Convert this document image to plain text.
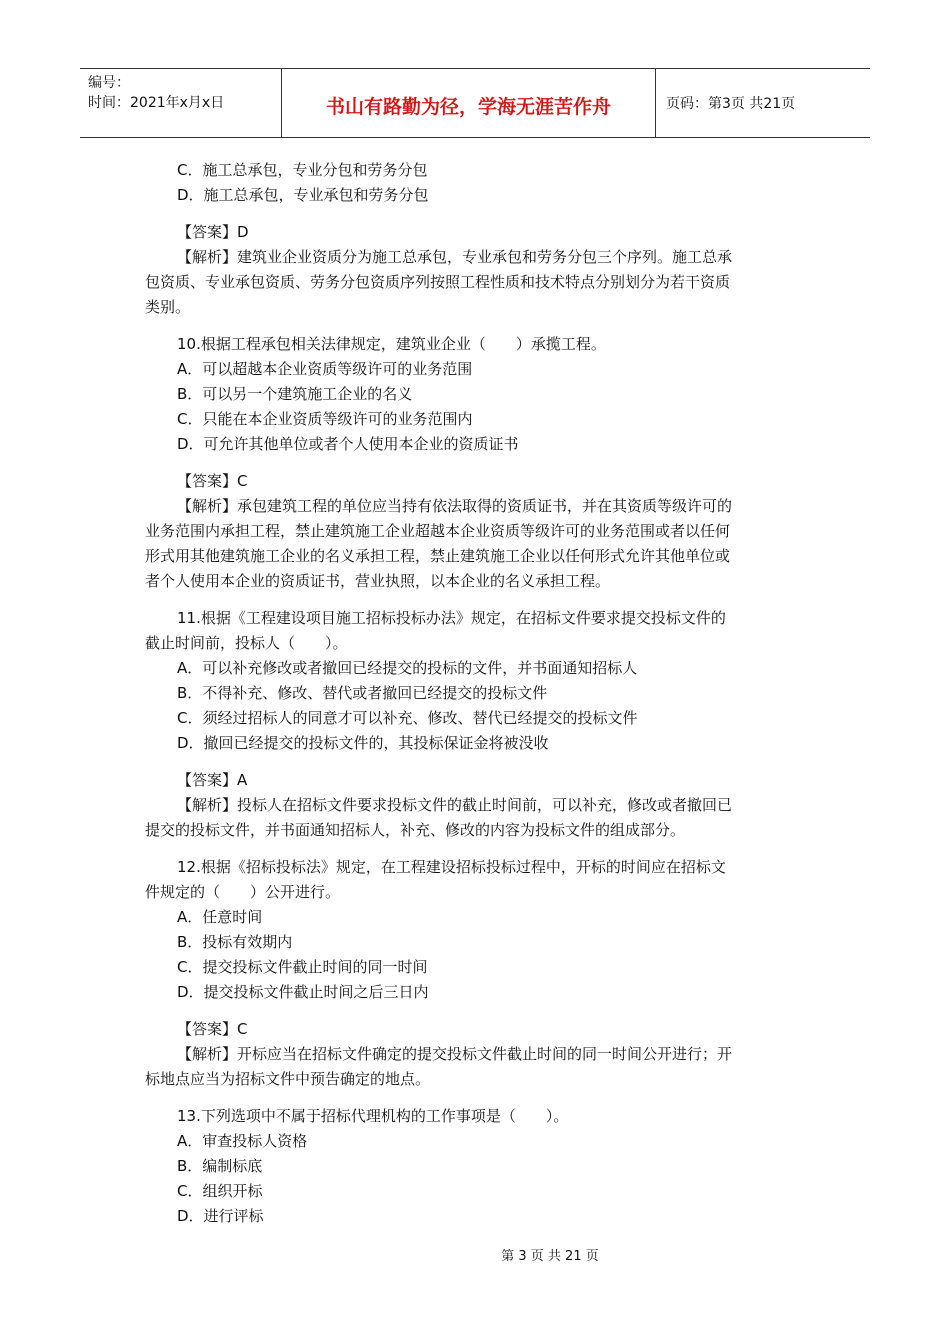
编号：
时间：2021年x月x日	书山有路勤为径，学海无涯苦作舟	页码：第3页 共21页

C．施工总承包，专业分包和劳务分包

D．施工总承包，专业承包和劳务分包

【答案】D

【解析】建筑业企业资质分为施工总承包，专业承包和劳务分包三个序列。施工总承
包资质、专业承包资质、劳务分包资质序列按照工程性质和技术特点分别划分为若干资质
类别。

10.根据工程承包相关法律规定，建筑业企业（　　）承揽工程。

A．可以超越本企业资质等级许可的业务范围

B．可以另一个建筑施工企业的名义

C．只能在本企业资质等级许可的业务范围内

D．可允许其他单位或者个人使用本企业的资质证书

【答案】C

【解析】承包建筑工程的单位应当持有依法取得的资质证书，并在其资质等级许可的
业务范围内承担工程，禁止建筑施工企业超越本企业资质等级许可的业务范围或者以任何
形式用其他建筑施工企业的名义承担工程，禁止建筑施工企业以任何形式允许其他单位或
者个人使用本企业的资质证书，营业执照，以本企业的名义承担工程。
11.根据《工程建设项目施工招标投标办法》规定，在招标文件要求提交投标文件的
截止时间前，投标人（　　）。

A．可以补充修改或者撤回已经提交的投标的文件，并书面通知招标人

B．不得补充、修改、替代或者撤回已经提交的投标文件

C．须经过招标人的同意才可以补充、修改、替代已经提交的投标文件

D．撤回已经提交的投标文件的，其投标保证金将被没收

【答案】A

【解析】投标人在招标文件要求投标文件的截止时间前，可以补充，修改或者撤回已
提交的投标文件，并书面通知招标人，补充、修改的内容为投标文件的组成部分。
12.根据《招标投标法》规定，在工程建设招标投标过程中，开标的时间应在招标文
件规定的（　　）公开进行。

A．任意时间

B．投标有效期内

C．提交投标文件截止时间的同一时间

D．提交投标文件截止时间之后三日内

【答案】C

【解析】开标应当在招标文件确定的提交投标文件截止时间的同一时间公开进行；开
标地点应当为招标文件中预告确定的地点。

13.下列选项中不属于招标代理机构的工作事项是（　　）。

A．审查投标人资格

B．编制标底

C．组织开标

D．进行评标

第 3 页 共 21 页
